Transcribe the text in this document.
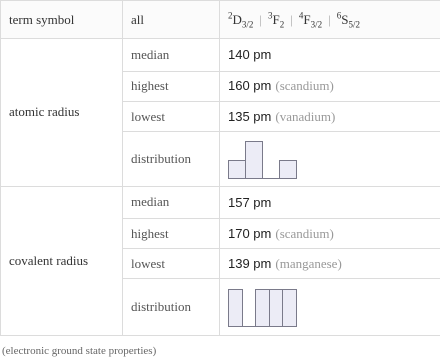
term symbol	all	$^2D_{3/2}$ | $^3F_2$ | $^4F_{3/2}$ | $^6S_{5/2}$
atomic radius	median	140 pm
	highest	160 pm (scandium)
	lowest	135 pm (vanadium)
	distribution	

covalent radius	median	157 pm
	highest	170 pm (scandium)
	lowest	139 pm (manganese)
	distribution	
(electronic ground state properties)
